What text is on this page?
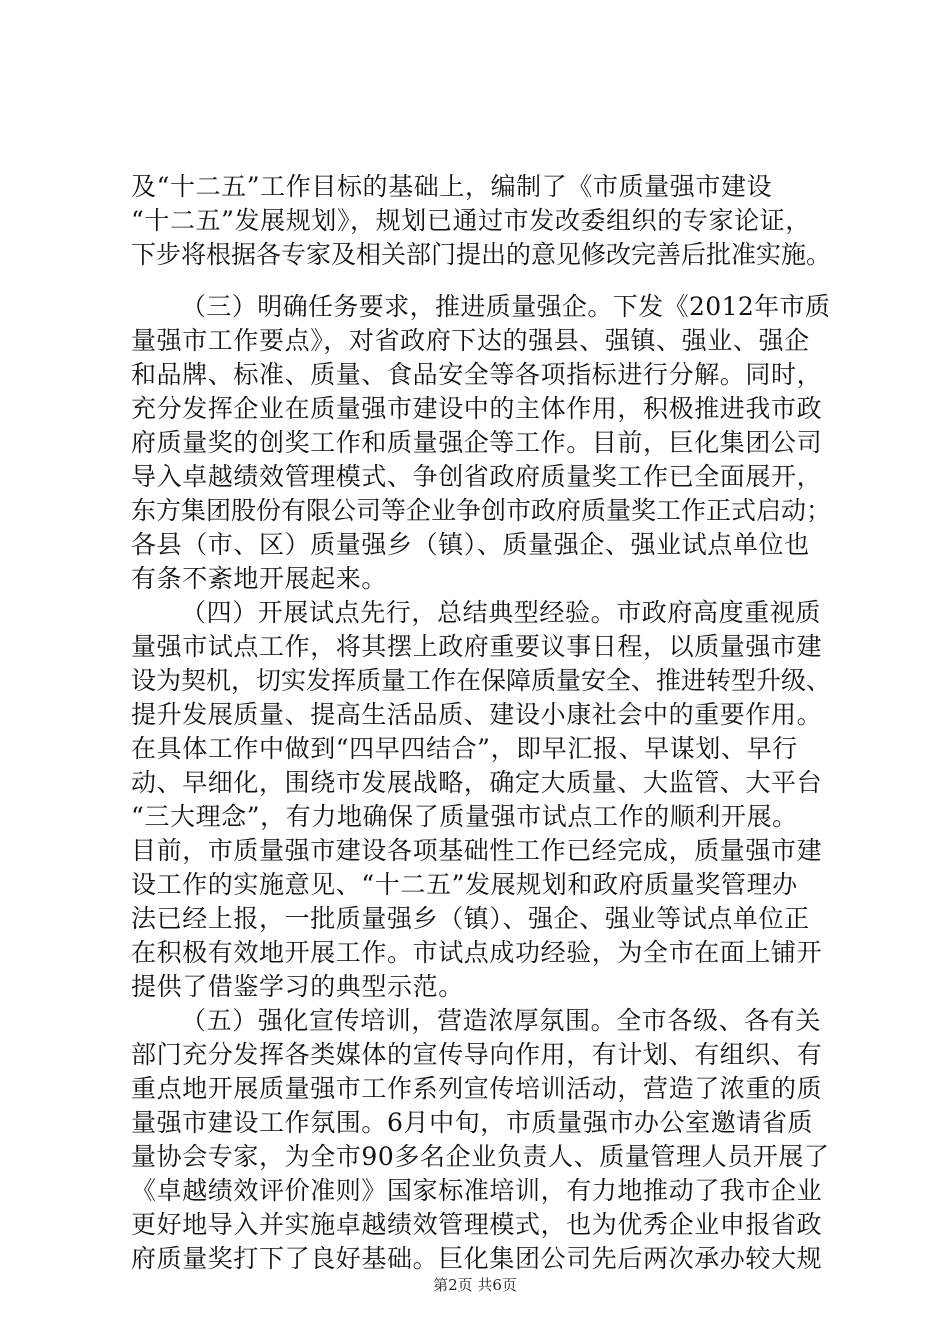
及“十二五”工作目标的基础上，编制了《市质量强市建设
“十二五”发展规划》，规划已通过市发改委组织的专家论证，
下步将根据各专家及相关部门提出的意见修改完善后批准实施。
（三）明确任务要求，推进质量强企。下发《2012年市质
量强市工作要点》，对省政府下达的强县、强镇、强业、强企
和品牌、标准、质量、食品安全等各项指标进行分解。同时，
充分发挥企业在质量强市建设中的主体作用，积极推进我市政
府质量奖的创奖工作和质量强企等工作。目前，巨化集团公司
导入卓越绩效管理模式、争创省政府质量奖工作已全面展开，
东方集团股份有限公司等企业争创市政府质量奖工作正式启动；
各县（市、区）质量强乡（镇）、质量强企、强业试点单位也
有条不紊地开展起来。
（四）开展试点先行，总结典型经验。市政府高度重视质
量强市试点工作，将其摆上政府重要议事日程，以质量强市建
设为契机，切实发挥质量工作在保障质量安全、推进转型升级、
提升发展质量、提高生活品质、建设小康社会中的重要作用。
在具体工作中做到“四早四结合”，即早汇报、早谋划、早行
动、早细化，围绕市发展战略，确定大质量、大监管、大平台
“三大理念”，有力地确保了质量强市试点工作的顺利开展。
目前，市质量强市建设各项基础性工作已经完成，质量强市建
设工作的实施意见、“十二五”发展规划和政府质量奖管理办
法已经上报，一批质量强乡（镇）、强企、强业等试点单位正
在积极有效地开展工作。市试点成功经验，为全市在面上铺开
提供了借鉴学习的典型示范。
（五）强化宣传培训，营造浓厚氛围。全市各级、各有关
部门充分发挥各类媒体的宣传导向作用，有计划、有组织、有
重点地开展质量强市工作系列宣传培训活动，营造了浓重的质
量强市建设工作氛围。6月中旬，市质量强市办公室邀请省质
量协会专家，为全市90多名企业负责人、质量管理人员开展了
《卓越绩效评价准则》国家标准培训，有力地推动了我市企业
更好地导入并实施卓越绩效管理模式，也为优秀企业申报省政
府质量奖打下了良好基础。巨化集团公司先后两次承办较大规
第2页 共6页
